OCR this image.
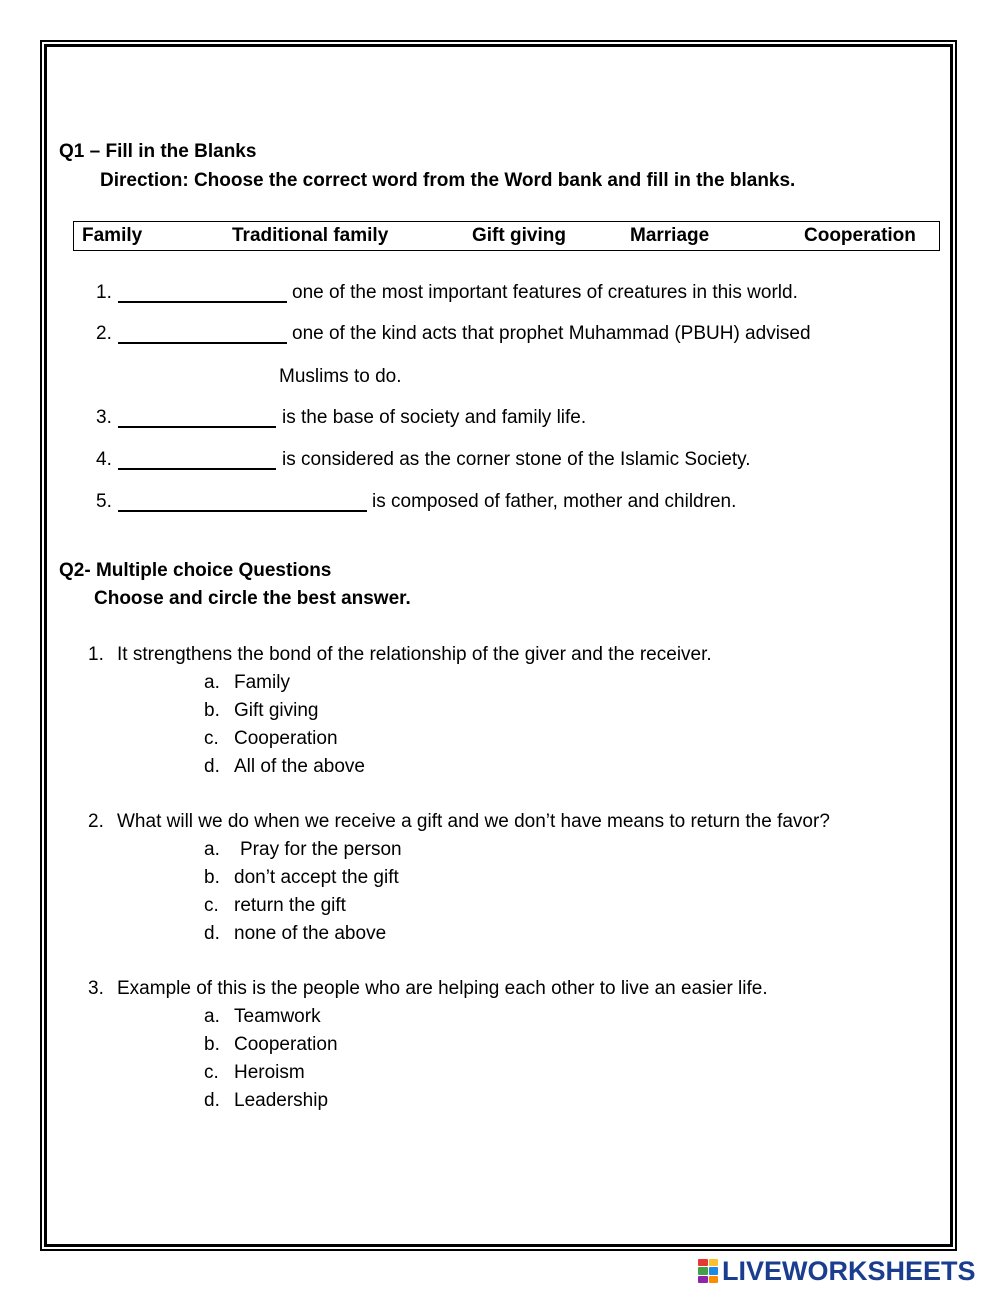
Q1 – Fill in the Blanks
Direction: Choose the correct word from the Word bank and fill in the blanks.
Family	Traditional family	Gift giving	Marriage	Cooperation
1.	one of the most important features of creatures in this world.
2.	one of the kind acts that prophet Muhammad (PBUH) advised
Muslims to do.
3.	is the base of society and family life.
4.	is considered as the corner stone of the Islamic Society.
5.	is composed of father, mother and children.
Q2- Multiple choice Questions
Choose and circle the best answer.
1. It strengthens the bond of the relationship of the giver and the receiver.
a. Family
b. Gift giving
c. Cooperation
d. All of the above
2. What will we do when we receive a gift and we don’t have means to return the favor?
a. Pray for the person
b. don’t accept the gift
c. return the gift
d. none of the above
3. Example of this is the people who are helping each other to live an easier life.
a. Teamwork
b. Cooperation
c. Heroism
d. Leadership
LIVEWORKSHEETS
